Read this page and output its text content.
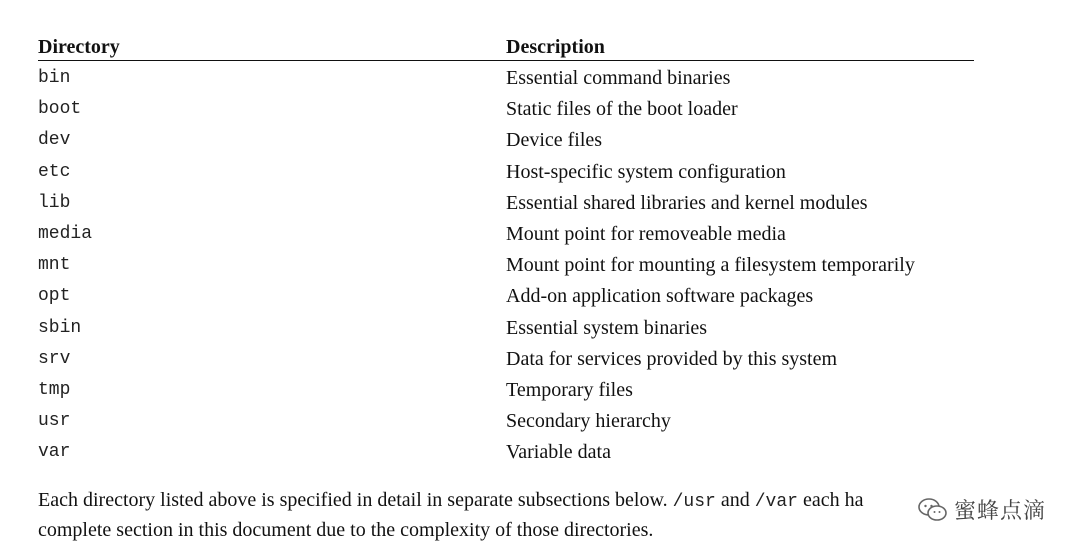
Directory	Description
bin	Essential command binaries
boot	Static files of the boot loader
dev	Device files
etc	Host-specific system configuration
lib	Essential shared libraries and kernel modules
media	Mount point for removeable media
mnt	Mount point for mounting a filesystem temporarily
opt	Add-on application software packages
sbin	Essential system binaries
srv	Data for services provided by this system
tmp	Temporary files
usr	Secondary hierarchy
var	Variable data
Each directory listed above is specified in detail in separate subsections below. /usr and /var each ha
complete section in this document due to the complexity of those directories.
蜜蜂点滴
